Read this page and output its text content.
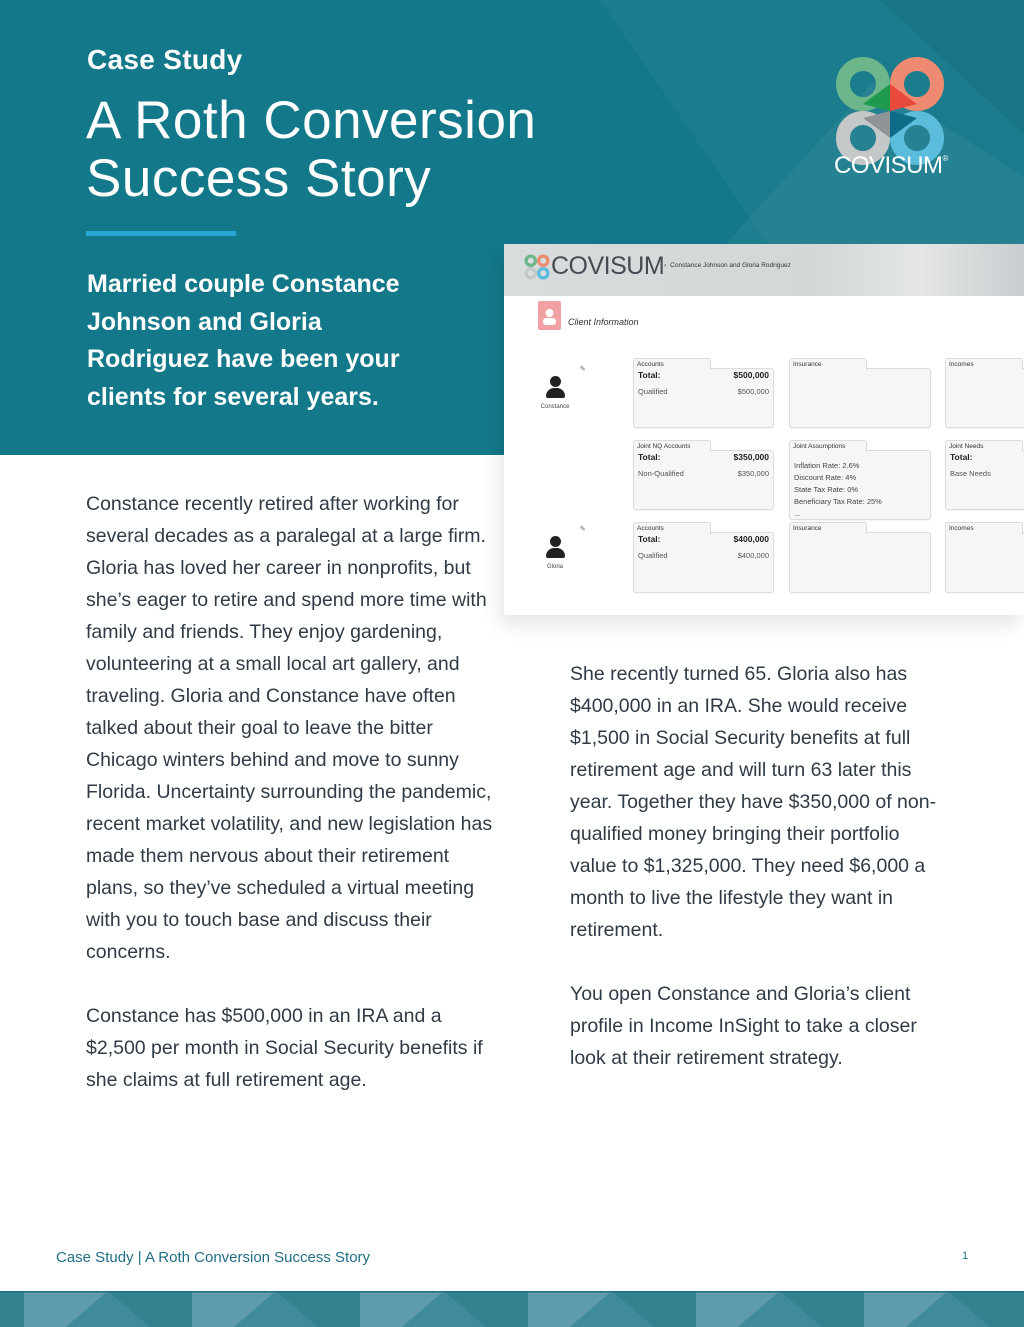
Case Study
A Roth Conversion
Success Story
Married couple Constance Johnson and Gloria Rodriguez have been your clients for several years.
COVISUM®
COVISUM › Constance Johnson and Gloria Rodriguez
Client Information
Constance
✎
Gloria
✎
Accounts
Total:	$500,000
Qualified	$500,000
Insurance	Incomes
Joint NQ Accounts
Total:	$350,000
Non-Qualified	$350,000
Joint Assumptions
Inflation Rate: 2.6%
Discount Rate: 4%
State Tax Rate: 0%
Beneficiary Tax Rate: 25%
...
Joint Needs
Total:
Base Needs
Accounts
Total:	$400,000
Qualified	$400,000
Insurance	Incomes

Constance recently retired after working for several decades as a paralegal at a large firm. Gloria has loved her career in nonprofits, but she’s eager to retire and spend more time with family and friends. They enjoy gardening, volunteering at a small local art gallery, and traveling. Gloria and Constance have often talked about their goal to leave the bitter Chicago winters behind and move to sunny Florida. Uncertainty surrounding the pandemic, recent market volatility, and new legislation has made them nervous about their retirement plans, so they’ve scheduled a virtual meeting with you to touch base and discuss their concerns.

Constance has $500,000 in an IRA and a $2,500 per month in Social Security benefits if she claims at full retirement age.

She recently turned 65. Gloria also has $400,000 in an IRA. She would receive $1,500 in Social Security benefits at full retirement age and will turn 63 later this year. Together they have $350,000 of non-qualified money bringing their portfolio value to $1,325,000. They need $6,000 a month to live the lifestyle they want in retirement.

You open Constance and Gloria’s client profile in Income InSight to take a closer look at their retirement strategy.

Case Study | A Roth Conversion Success Story	1
